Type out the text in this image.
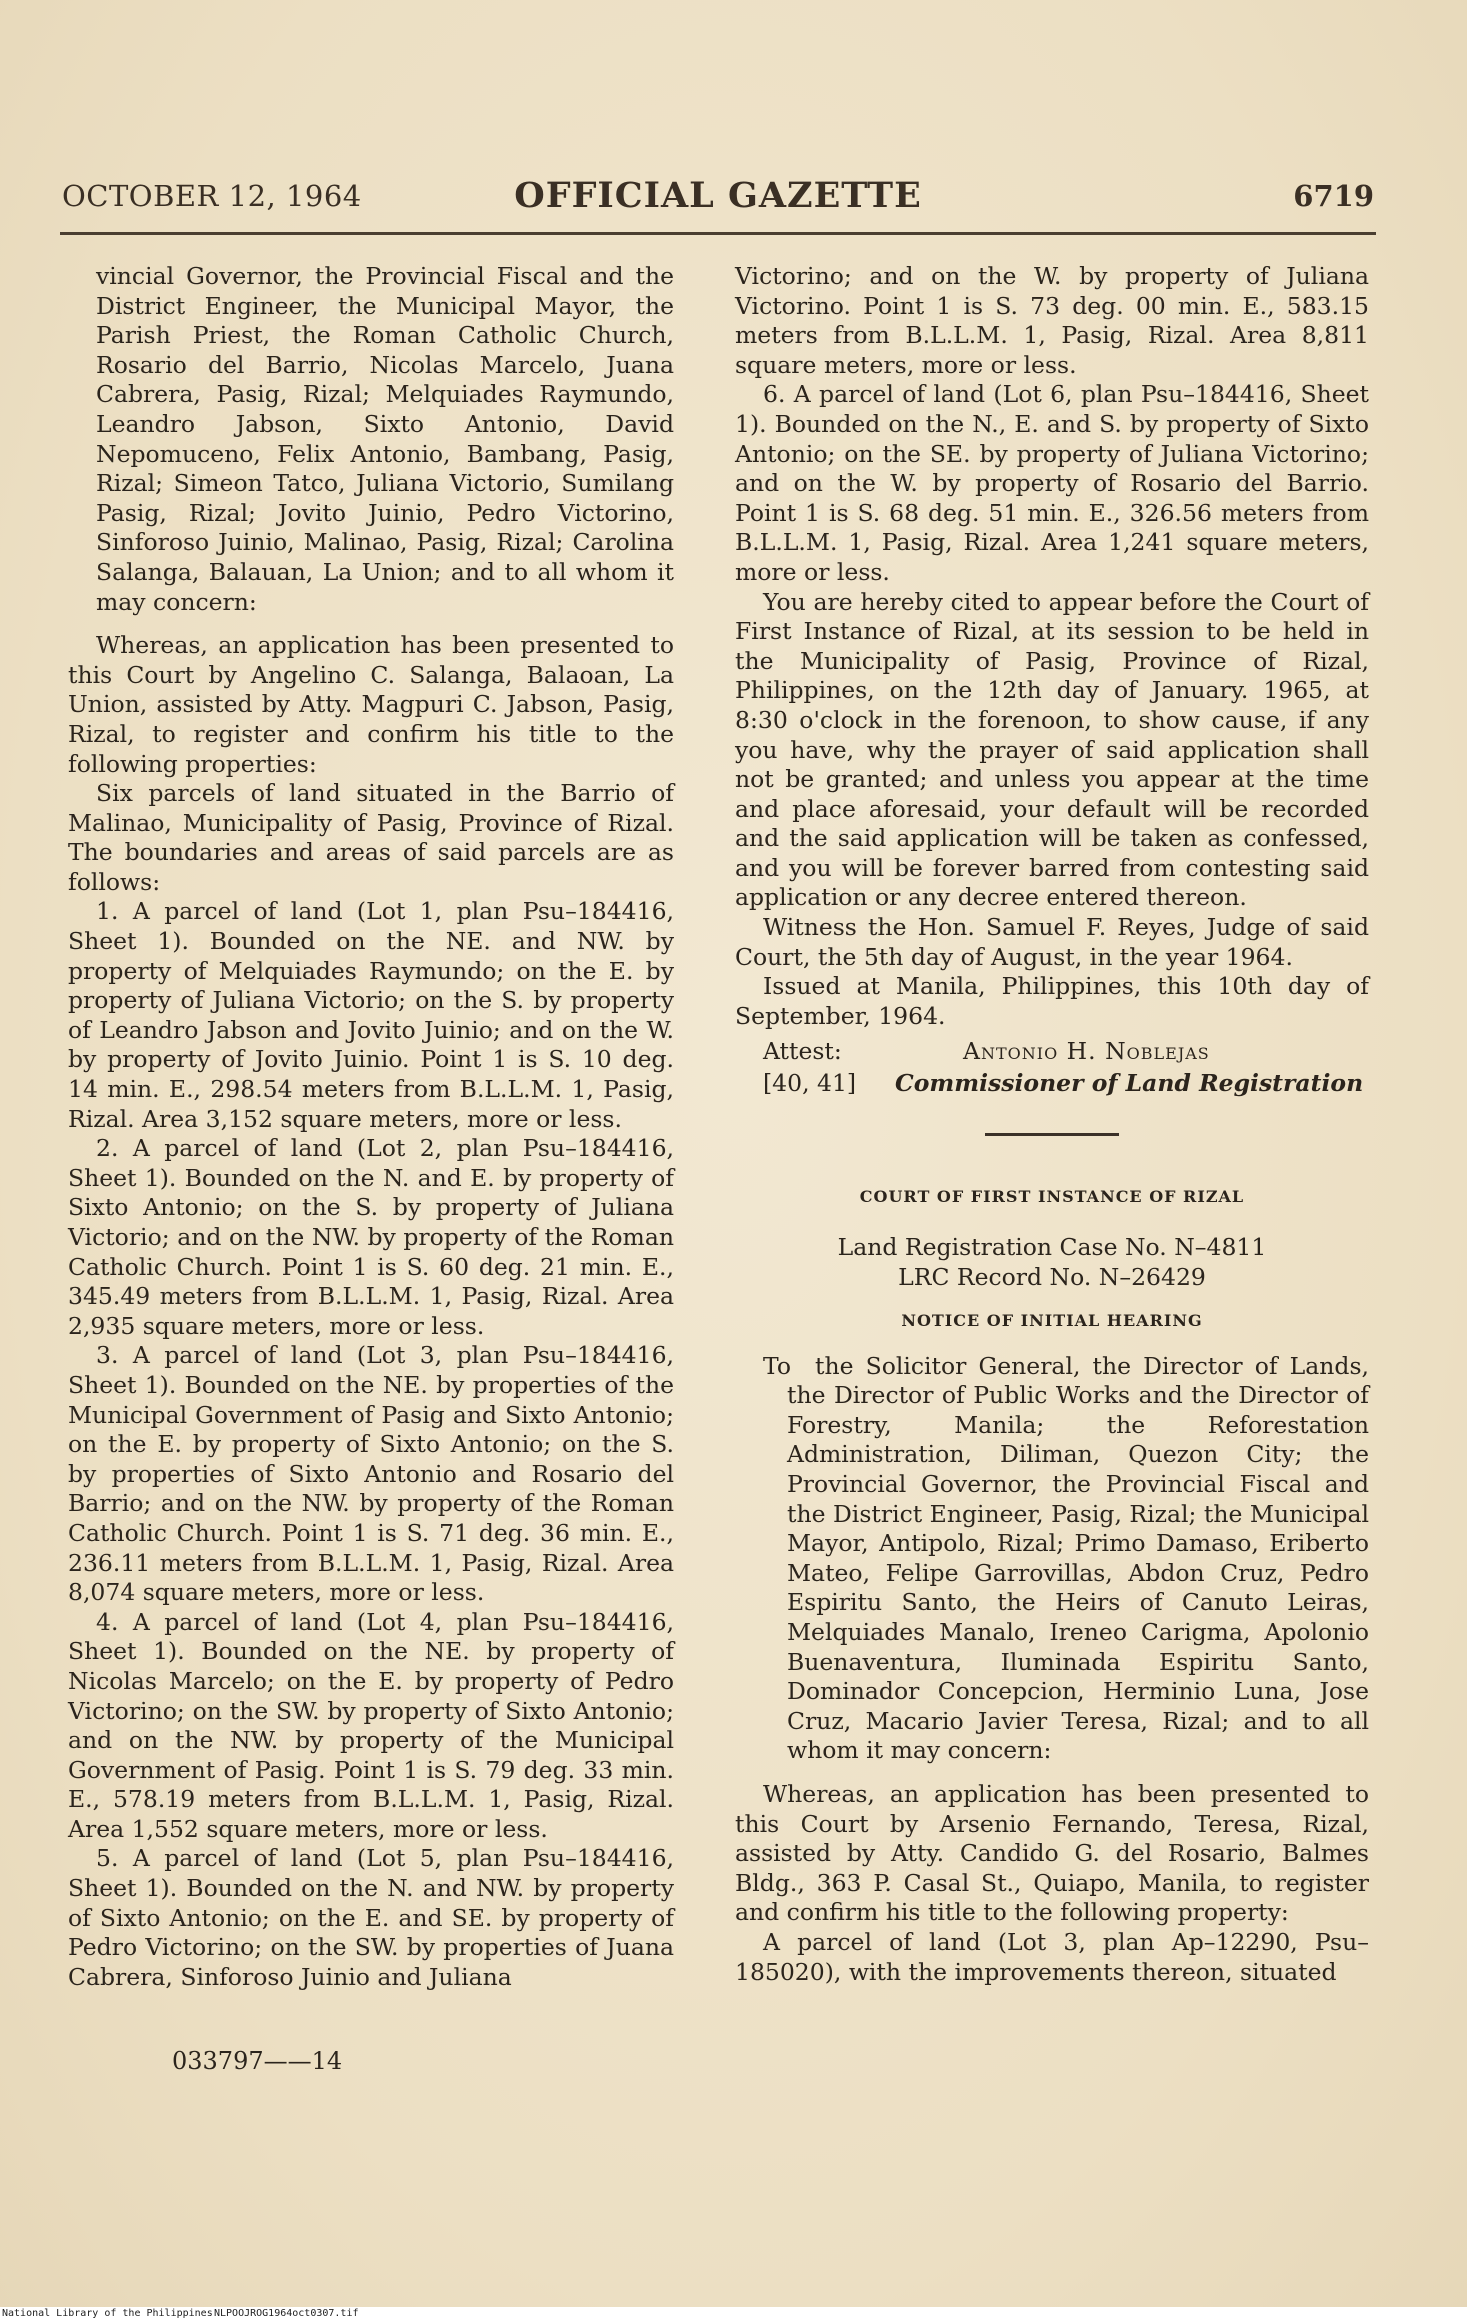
OCTOBER 12, 1964	OFFICIAL GAZETTE	6719

vincial Governor, the Provincial Fiscal and the District Engineer, the Municipal Mayor, the Parish Priest, the Roman Catholic Church, Rosario del Barrio, Nicolas Marcelo, Juana Cabrera, Pasig, Rizal; Melquiades Raymundo, Leandro Jabson, Sixto Antonio, David Nepomuceno, Felix Antonio, Bambang, Pasig, Rizal; Simeon Tatco, Juliana Victorio, Sumilang Pasig, Rizal; Jovito Juinio, Pedro Victorino, Sinforoso Juinio, Malinao, Pasig, Rizal; Carolina Salanga, Balauan, La Union; and to all whom it may concern:

Whereas, an application has been presented to this Court by Angelino C. Salanga, Balaoan, La Union, assisted by Atty. Magpuri C. Jabson, Pasig, Rizal, to register and confirm his title to the following properties:

Six parcels of land situated in the Barrio of Malinao, Municipality of Pasig, Province of Rizal. The boundaries and areas of said parcels are as follows:

1. A parcel of land (Lot 1, plan Psu–184416, Sheet 1). Bounded on the NE. and NW. by property of Melquiades Raymundo; on the E. by property of Juliana Victorio; on the S. by property of Leandro Jabson and Jovito Juinio; and on the W. by property of Jovito Juinio. Point 1 is S. 10 deg. 14 min. E., 298.54 meters from B.L.L.M. 1, Pasig, Rizal. Area 3,152 square meters, more or less.

2. A parcel of land (Lot 2, plan Psu–184416, Sheet 1). Bounded on the N. and E. by property of Sixto Antonio; on the S. by property of Juliana Victorio; and on the NW. by property of the Roman Catholic Church. Point 1 is S. 60 deg. 21 min. E., 345.49 meters from B.L.L.M. 1, Pasig, Rizal. Area 2,935 square meters, more or less.

3. A parcel of land (Lot 3, plan Psu–184416, Sheet 1). Bounded on the NE. by properties of the Municipal Government of Pasig and Sixto Antonio; on the E. by property of Sixto Antonio; on the S. by properties of Sixto Antonio and Rosario del Barrio; and on the NW. by property of the Roman Catholic Church. Point 1 is S. 71 deg. 36 min. E., 236.11 meters from B.L.L.M. 1, Pasig, Rizal. Area 8,074 square meters, more or less.

4. A parcel of land (Lot 4, plan Psu–184416, Sheet 1). Bounded on the NE. by property of Nicolas Marcelo; on the E. by property of Pedro Victorino; on the SW. by property of Sixto Antonio; and on the NW. by property of the Municipal Government of Pasig. Point 1 is S. 79 deg. 33 min. E., 578.19 meters from B.L.L.M. 1, Pasig, Rizal. Area 1,552 square meters, more or less.

5. A parcel of land (Lot 5, plan Psu–184416, Sheet 1). Bounded on the N. and NW. by property of Sixto Antonio; on the E. and SE. by property of Pedro Victorino; on the SW. by properties of Juana Cabrera, Sinforoso Juinio and Juliana

033797——14

Victorino; and on the W. by property of Juliana Victorino. Point 1 is S. 73 deg. 00 min. E., 583.15 meters from B.L.L.M. 1, Pasig, Rizal. Area 8,811 square meters, more or less.

6. A parcel of land (Lot 6, plan Psu–184416, Sheet 1). Bounded on the N., E. and S. by property of Sixto Antonio; on the SE. by property of Juliana Victorino; and on the W. by property of Rosario del Barrio. Point 1 is S. 68 deg. 51 min. E., 326.56 meters from B.L.L.M. 1, Pasig, Rizal. Area 1,241 square meters, more or less.

You are hereby cited to appear before the Court of First Instance of Rizal, at its session to be held in the Municipality of Pasig, Province of Rizal, Philippines, on the 12th day of January. 1965, at 8:30 o'clock in the forenoon, to show cause, if any you have, why the prayer of said application shall not be granted; and unless you appear at the time and place aforesaid, your default will be recorded and the said application will be taken as confessed, and you will be forever barred from contesting said application or any decree entered thereon.

Witness the Hon. Samuel F. Reyes, Judge of said Court, the 5th day of August, in the year 1964.

Issued at Manila, Philippines, this 10th day of September, 1964.

Attest:	Antonio H. Noblejas
[40, 41] Commissioner of Land Registration
COURT OF FIRST INSTANCE OF RIZAL
Land Registration Case No. N–4811
LRC Record No. N–26429
NOTICE OF INITIAL HEARING

To the Solicitor General, the Director of Lands, the Director of Public Works and the Director of Forestry, Manila; the Reforestation Administration, Diliman, Quezon City; the Provincial Governor, the Provincial Fiscal and the District Engineer, Pasig, Rizal; the Municipal Mayor, Antipolo, Rizal; Primo Damaso, Eriberto Mateo, Felipe Garrovillas, Abdon Cruz, Pedro Espiritu Santo, the Heirs of Canuto Leiras, Melquiades Manalo, Ireneo Carigma, Apolonio Buenaventura, Iluminada Espiritu Santo, Dominador Concepcion, Herminio Luna, Jose Cruz, Macario Javier Teresa, Rizal; and to all whom it may concern:

Whereas, an application has been presented to this Court by Arsenio Fernando, Teresa, Rizal, assisted by Atty. Candido G. del Rosario, Balmes Bldg., 363 P. Casal St., Quiapo, Manila, to register and confirm his title to the following property:

A parcel of land (Lot 3, plan Ap–12290, Psu–185020), with the improvements thereon, situated

National Library of the Philippines NLPOOJROG1964oct0307.tif
